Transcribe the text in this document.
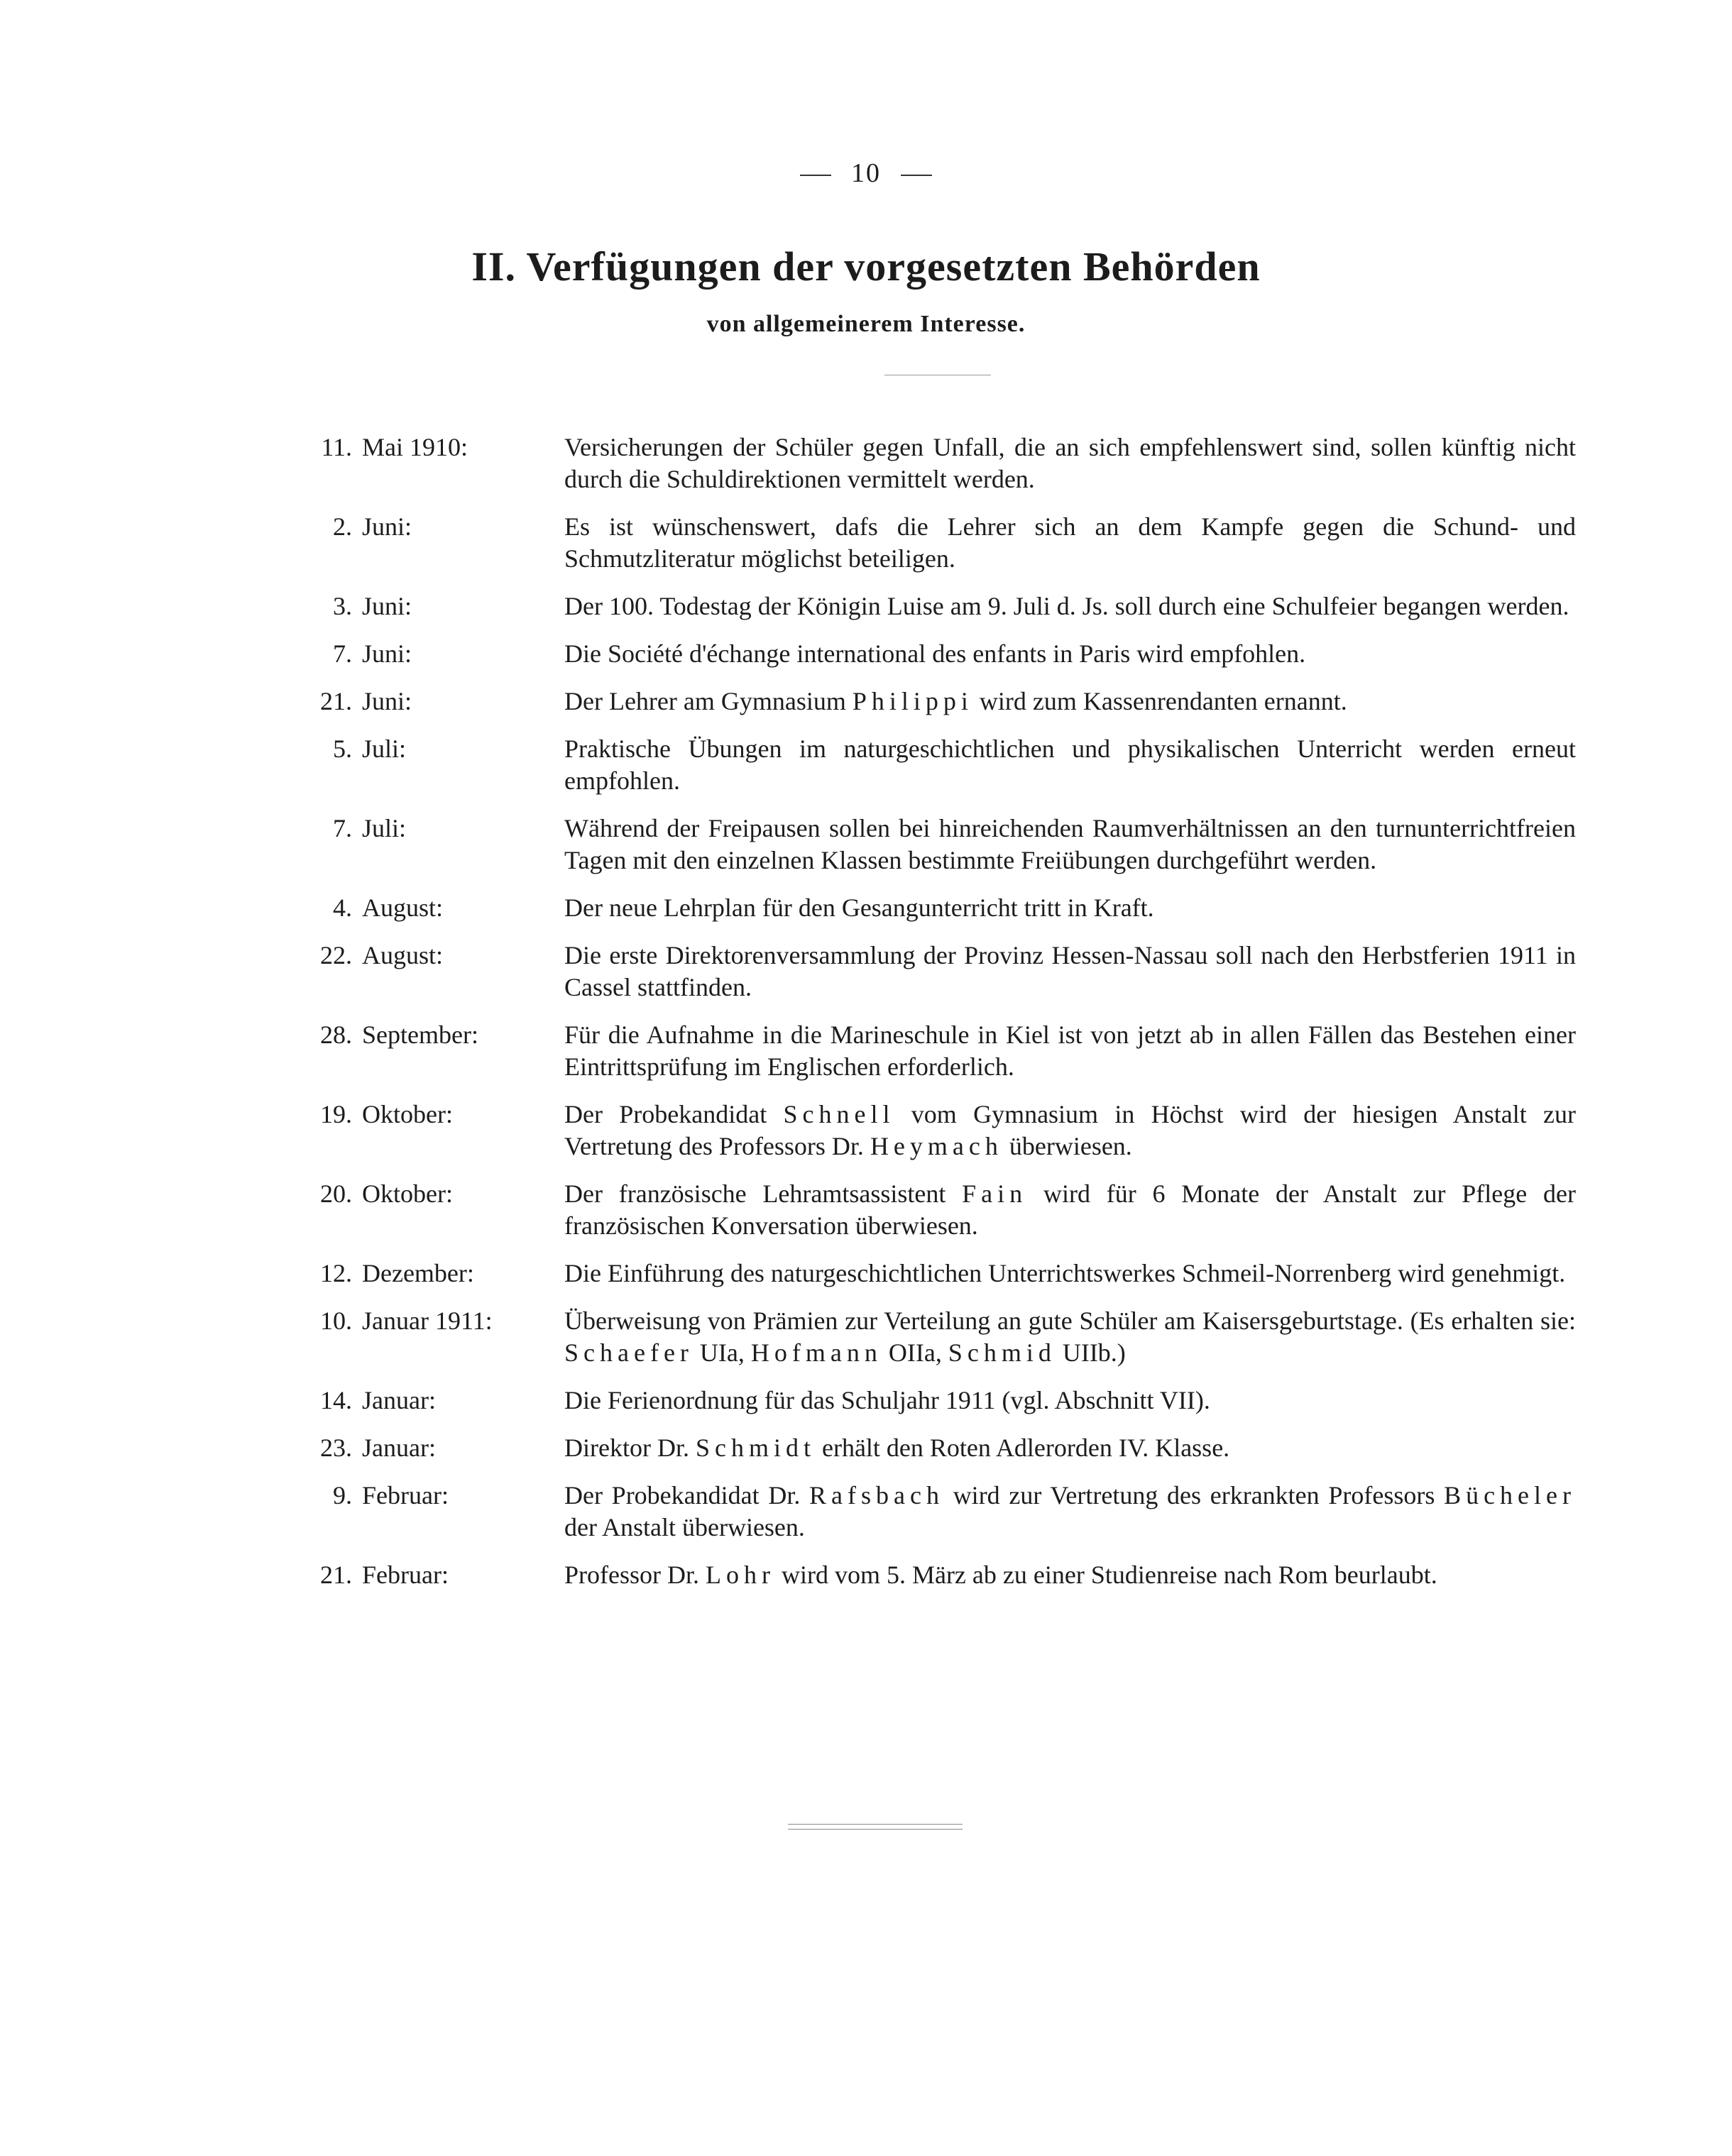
10
II. Verfügungen der vorgesetzten Behörden
von allgemeinerem Interesse.
11. Mai 1910:	Versicherungen der Schüler gegen Unfall, die an sich empfehlenswert sind, sollen künftig nicht durch die Schuldirektionen vermittelt werden.
2. Juni:	Es ist wünschenswert, dafs die Lehrer sich an dem Kampfe gegen die Schund- und Schmutzliteratur möglichst beteiligen.
3. Juni:	Der 100. Todestag der Königin Luise am 9. Juli d. Js. soll durch eine Schulfeier begangen werden.
7. Juni:	Die Société d'échange international des enfants in Paris wird empfohlen.
21. Juni:	Der Lehrer am Gymnasium Philippi wird zum Kassenrendanten ernannt.
5. Juli:	Praktische Übungen im naturgeschichtlichen und physikalischen Unterricht werden erneut empfohlen.
7. Juli:	Während der Freipausen sollen bei hinreichenden Raumverhältnissen an den turnunterrichtfreien Tagen mit den einzelnen Klassen bestimmte Freiübungen durchgeführt werden.
4. August:	Der neue Lehrplan für den Gesangunterricht tritt in Kraft.
22. August:	Die erste Direktorenversammlung der Provinz Hessen-Nassau soll nach den Herbstferien 1911 in Cassel stattfinden.
28. September:	Für die Aufnahme in die Marineschule in Kiel ist von jetzt ab in allen Fällen das Bestehen einer Eintrittsprüfung im Englischen erforderlich.
19. Oktober:	Der Probekandidat Schnell vom Gymnasium in Höchst wird der hiesigen Anstalt zur Vertretung des Professors Dr. Heymach überwiesen.
20. Oktober:	Der französische Lehramtsassistent Fain wird für 6 Monate der Anstalt zur Pflege der französischen Konversation überwiesen.
12. Dezember:	Die Einführung des naturgeschichtlichen Unterrichtswerkes Schmeil-Norrenberg wird genehmigt.
10. Januar 1911:	Überweisung von Prämien zur Verteilung an gute Schüler am Kaisersgeburtstage. (Es erhalten sie: Schaefer UIa, Hofmann OIIa, Schmid UIIb.)
14. Januar:	Die Ferienordnung für das Schuljahr 1911 (vgl. Abschnitt VII).
23. Januar:	Direktor Dr. Schmidt erhält den Roten Adlerorden IV. Klasse.
9. Februar:	Der Probekandidat Dr. Rafsbach wird zur Vertretung des erkrankten Professors Bücheler der Anstalt überwiesen.
21. Februar:	Professor Dr. Lohr wird vom 5. März ab zu einer Studienreise nach Rom beurlaubt.
